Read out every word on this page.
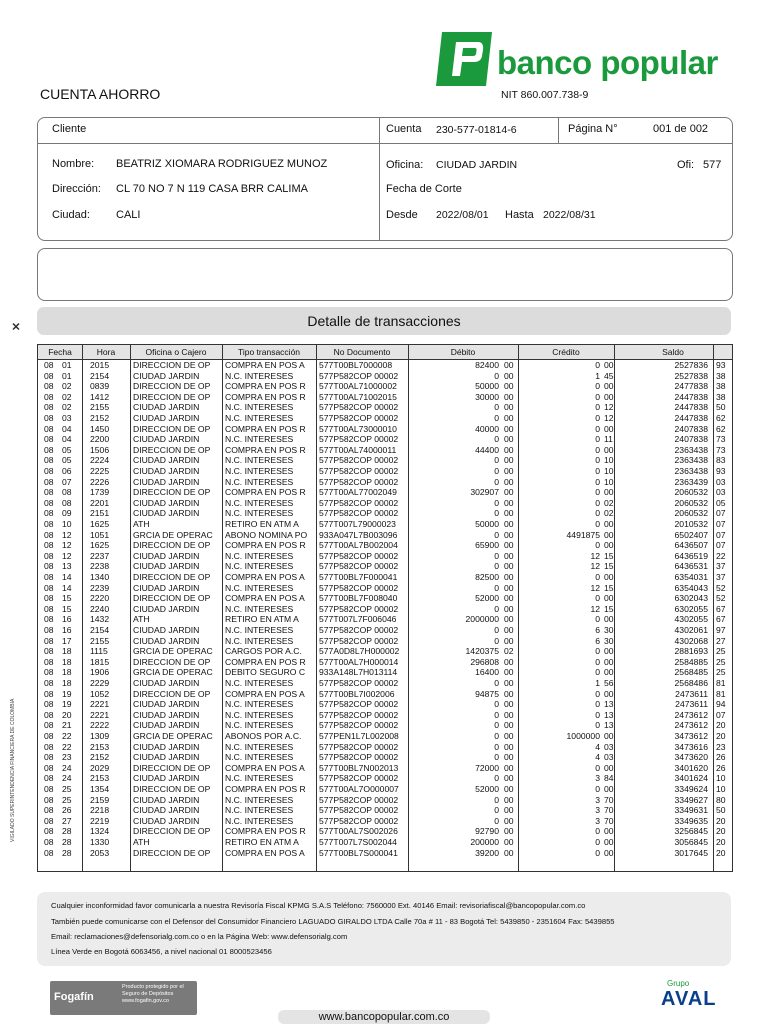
banco popular
CUENTA AHORRO	NIT 860.007.738-9
Cliente	Cuenta 230-577-01814-6	Página N°	001 de 002
Nombre: BEATRIZ XIOMARA RODRIGUEZ MUNOZ
Dirección: CL 70 NO 7 N 119 CASA BRR CALIMA
Ciudad: CALI
Oficina: CIUDAD JARDIN	Ofi: 577
Fecha de Corte
Desde 2022/08/01 Hasta 2022/08/31
✕	Detalle de transacciones
Fecha	Hora	Oficina o Cajero	Tipo transacción	No Documento	Débito	Crédito	Saldo
08 01	2015	DIRECCION DE OP	COMPRA EN POS A	577T00BL7000008	82400 00	0 00	2527836 93
08 01	2154	CIUDAD JARDIN	N.C. INTERESES	577P582COP 00002	0 00	1 45	2527838 38
08 02	0839	DIRECCION DE OP	COMPRA EN POS R	577T00AL71000002	50000 00	0 00	2477838 38
08 02	1412	DIRECCION DE OP	COMPRA EN POS R	577T00AL71002015	30000 00	0 00	2447838 38
08 02	2155	CIUDAD JARDIN	N.C. INTERESES	577P582COP 00002	0 00	0 12	2447838 50
08 03	2152	CIUDAD JARDIN	N.C. INTERESES	577P582COP 00002	0 00	0 12	2447838 62
08 04	1450	DIRECCION DE OP	COMPRA EN POS R	577T00AL73000010	40000 00	0 00	2407838 62
08 04	2200	CIUDAD JARDIN	N.C. INTERESES	577P582COP 00002	0 00	0 11	2407838 73
08 05	1506	DIRECCION DE OP	COMPRA EN POS R	577T00AL74000011	44400 00	0 00	2363438 73
08 05	2224	CIUDAD JARDIN	N.C. INTERESES	577P582COP 00002	0 00	0 10	2363438 83
08 06	2225	CIUDAD JARDIN	N.C. INTERESES	577P582COP 00002	0 00	0 10	2363438 93
08 07	2226	CIUDAD JARDIN	N.C. INTERESES	577P582COP 00002	0 00	0 10	2363439 03
08 08	1739	DIRECCION DE OP	COMPRA EN POS R	577T00AL77002049	302907 00	0 00	2060532 03
08 08	2201	CIUDAD JARDIN	N.C. INTERESES	577P582COP 00002	0 00	0 02	2060532 05
08 09	2151	CIUDAD JARDIN	N.C. INTERESES	577P582COP 00002	0 00	0 02	2060532 07
08 10	1625	ATH	RETIRO EN ATM A	577T007L79000023	50000 00	0 00	2010532 07
08 12	1051	GRCIA DE OPERAC	ABONO NOMINA PO	933A047L7B003096	0 00	4491875 00	6502407 07
08 12	1625	DIRECCION DE OP	COMPRA EN POS R	577T00AL7B002004	65900 00	0 00	6436507 07
08 12	2237	CIUDAD JARDIN	N.C. INTERESES	577P582COP 00002	0 00	12 15	6436519 22
08 13	2238	CIUDAD JARDIN	N.C. INTERESES	577P582COP 00002	0 00	12 15	6436531 37
08 14	1340	DIRECCION DE OP	COMPRA EN POS A	577T00BL7F000041	82500 00	0 00	6354031 37
08 14	2239	CIUDAD JARDIN	N.C. INTERESES	577P582COP 00002	0 00	12 15	6354043 52
08 15	2220	DIRECCION DE OP	COMPRA EN POS A	577T00BL7F008040	52000 00	0 00	6302043 52
08 15	2240	CIUDAD JARDIN	N.C. INTERESES	577P582COP 00002	0 00	12 15	6302055 67
08 16	1432	ATH	RETIRO EN ATM A	577T007L7F006046	2000000 00	0 00	4302055 67
08 16	2154	CIUDAD JARDIN	N.C. INTERESES	577P582COP 00002	0 00	6 30	4302061 97
08 17	2155	CIUDAD JARDIN	N.C. INTERESES	577P582COP 00002	0 00	6 30	4302068 27
08 18	1115	GRCIA DE OPERAC	CARGOS POR A.C.	577A0D8L7H000002	1420375 02	0 00	2881693 25
08 18	1815	DIRECCION DE OP	COMPRA EN POS R	577T00AL7H000014	296808 00	0 00	2584885 25
08 18	1906	GRCIA DE OPERAC	DEBITO SEGURO C	933A148L7H013114	16400 00	0 00	2568485 25
08 18	2229	CIUDAD JARDIN	N.C. INTERESES	577P582COP 00002	0 00	1 56	2568486 81
08 19	1052	DIRECCION DE OP	COMPRA EN POS A	577T00BL7I002006	94875 00	0 00	2473611 81
08 19	2221	CIUDAD JARDIN	N.C. INTERESES	577P582COP 00002	0 00	0 13	2473611 94
08 20	2221	CIUDAD JARDIN	N.C. INTERESES	577P582COP 00002	0 00	0 13	2473612 07
08 21	2222	CIUDAD JARDIN	N.C. INTERESES	577P582COP 00002	0 00	0 13	2473612 20
08 22	1309	GRCIA DE OPERAC	ABONOS POR A.C.	577PEN1L7L002008	0 00	1000000 00	3473612 20
08 22	2153	CIUDAD JARDIN	N.C. INTERESES	577P582COP 00002	0 00	4 03	3473616 23
08 23	2152	CIUDAD JARDIN	N.C. INTERESES	577P582COP 00002	0 00	4 03	3473620 26
08 24	2029	DIRECCION DE OP	COMPRA EN POS A	577T00BL7N002013	72000 00	0 00	3401620 26
08 24	2153	CIUDAD JARDIN	N.C. INTERESES	577P582COP 00002	0 00	3 84	3401624 10
08 25	1354	DIRECCION DE OP	COMPRA EN POS R	577T00AL7O000007	52000 00	0 00	3349624 10
08 25	2159	CIUDAD JARDIN	N.C. INTERESES	577P582COP 00002	0 00	3 70	3349627 80
08 26	2218	CIUDAD JARDIN	N.C. INTERESES	577P582COP 00002	0 00	3 70	3349631 50
08 27	2219	CIUDAD JARDIN	N.C. INTERESES	577P582COP 00002	0 00	3 70	3349635 20
08 28	1324	DIRECCION DE OP	COMPRA EN POS R	577T00AL7S002026	92790 00	0 00	3256845 20
08 28	1330	ATH	RETIRO EN ATM A	577T007L7S002044	200000 00	0 00	3056845 20
08 28	2053	DIRECCION DE OP	COMPRA EN POS A	577T00BL7S000041	39200 00	0 00	3017645 20
VIGILADO SUPERINTENDENCIA FINANCIERA DE COLOMBIA
Cualquier inconformidad favor comunicarla a nuestra Revisoría Fiscal KPMG S.A.S Teléfono: 7560000 Ext. 40146 Email: revisoriafiscal@bancopopular.com.co
También puede comunicarse con el Defensor del Consumidor Financiero LAGUADO GIRALDO LTDA Calle 70a # 11 - 83 Bogotá Tel: 5439850 - 2351604 Fax: 5439855
Email: reclamaciones@defensorialg.com.co o en la Página Web: www.defensorialg.com
Línea Verde en Bogotá 6063456, a nivel nacional 01 8000523456
Fogafín
Producto protegido por el Seguro de Depósitos
www.fogafin.gov.co
Grupo
AVAL
www.bancopopular.com.co
